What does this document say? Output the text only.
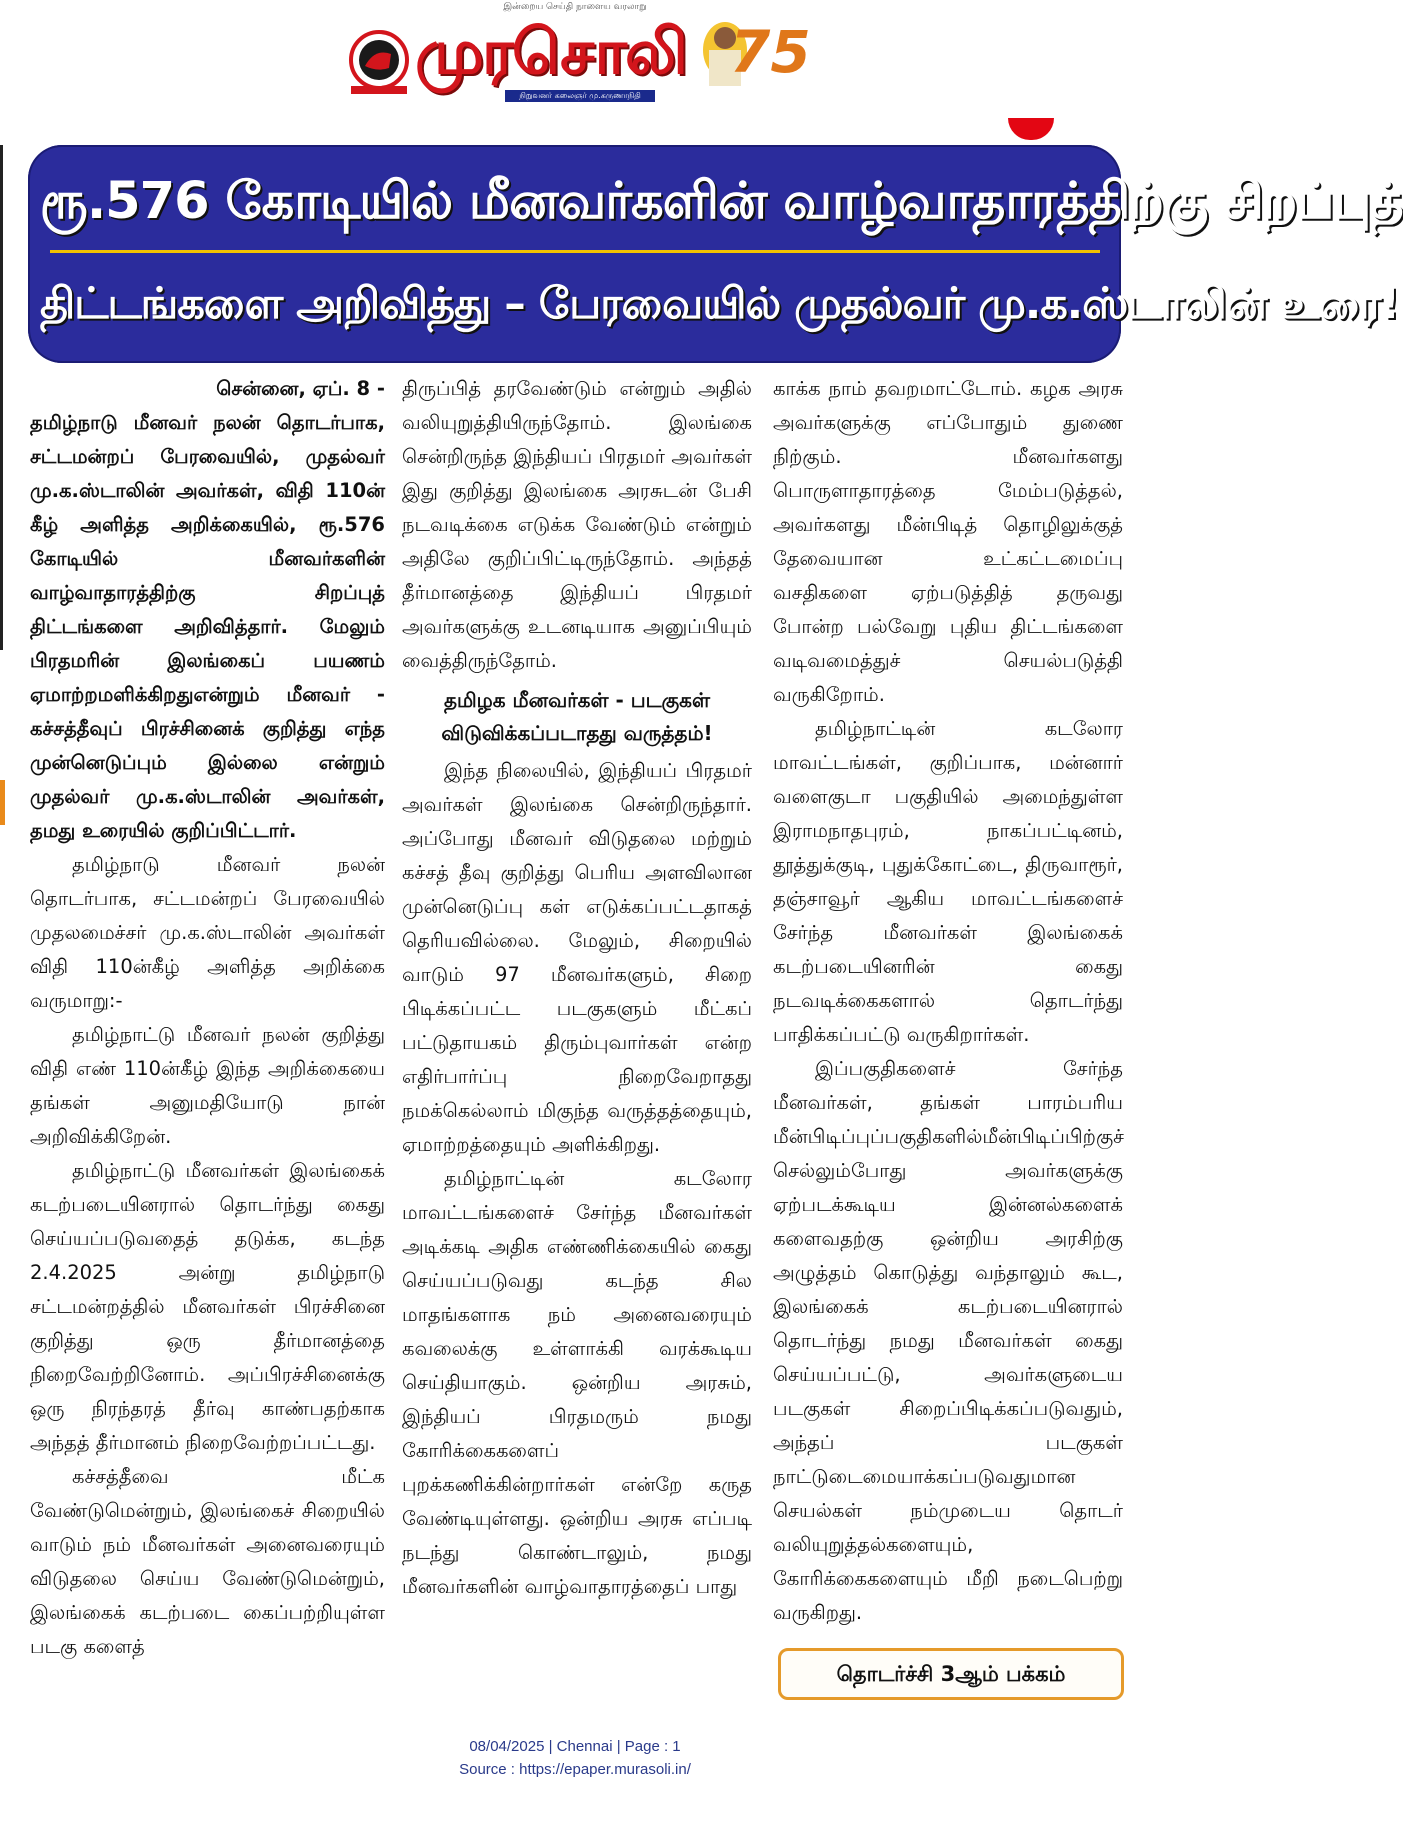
இன்றைய செய்தி நாளைய வரலாறு
முரசொலி
நிறுவனர் கலைஞர் மு.கருணாநிதி
75
ரூ.576 கோடியில் மீனவர்களின் வாழ்வாதாரத்திற்கு சிறப்புத்
திட்டங்களை அறிவித்து – பேரவையில் முதல்வர் மு.க.ஸ்டாலின் உரை!

சென்னை, ஏப். 8 -

தமிழ்நாடு மீனவர் நலன் தொடர்பாக, சட்டமன்றப் பேரவையில், முதல்வர் மு.க.ஸ்டாலின் அவர்கள், விதி 110ன் கீழ் அளித்த அறிக்கையில், ரூ.576 கோடியில் மீனவர்களின் வாழ்வாதாரத்திற்கு சிறப்புத் திட்டங்களை அறிவித்தார். மேலும் பிரதமரின் இலங்கைப் பயணம் ஏமாற்றமளிக்கிறதுஎன்றும் மீனவர் - கச்சத்தீவுப் பிரச்சினைக் குறித்து எந்த முன்னெடுப்பும் இல்லை என்றும் முதல்வர் மு.க.ஸ்டாலின் அவர்கள், தமது உரையில் குறிப்பிட்டார்.

தமிழ்நாடு மீனவர் நலன் தொடர்பாக, சட்டமன்றப் பேரவையில் முதலமைச்சர் மு.க.ஸ்டாலின் அவர்கள் விதி 110ன்கீழ் அளித்த அறிக்கை வருமாறு:-

தமிழ்நாட்டு மீனவர் நலன் குறித்து விதி எண் 110ன்கீழ் இந்த அறிக்கையை தங்கள் அனுமதியோடு நான் அறிவிக்கிறேன்.

தமிழ்நாட்டு மீனவர்கள் இலங்கைக் கடற்படையினரால் தொடர்ந்து கைது செய்யப்படுவதைத் தடுக்க, கடந்த 2.4.2025 அன்று தமிழ்நாடு சட்டமன்றத்தில் மீனவர்கள் பிரச்சினை குறித்து ஒரு தீர்மானத்தை நிறைவேற்றினோம். அப்பிரச்சினைக்கு ஒரு நிரந்தரத் தீர்வு காண்பதற்காக அந்தத் தீர்மானம் நிறைவேற்றப்பட்டது.

கச்சத்தீவை மீட்க வேண்டுமென்றும், இலங்கைச் சிறையில் வாடும் நம் மீனவர்கள் அனைவரையும் விடுதலை செய்ய வேண்டுமென்றும், இலங்கைக் கடற்படை கைப்பற்றியுள்ள படகு களைத்

திருப்பித் தரவேண்டும் என்றும் அதில் வலியுறுத்தியிருந்தோம். இலங்கை சென்றிருந்த இந்தியப் பிரதமர் அவர்கள் இது குறித்து இலங்கை அரசுடன் பேசி நடவடிக்கை எடுக்க வேண்டும் என்றும் அதிலே குறிப்பிட்டிருந்தோம். அந்தத் தீர்மானத்தை இந்தியப் பிரதமர் அவர்களுக்கு உடனடியாக அனுப்பியும் வைத்திருந்தோம்.

தமிழக மீனவர்கள் - படகுகள் விடுவிக்கப்படாதது வருத்தம்!

இந்த நிலையில், இந்தியப் பிரதமர் அவர்கள் இலங்கை சென்றிருந்தார். அப்போது மீனவர் விடுதலை மற்றும் கச்சத் தீவு குறித்து பெரிய அளவிலான முன்னெடுப்பு கள் எடுக்கப்பட்டதாகத் தெரியவில்லை. மேலும், சிறையில் வாடும் 97 மீனவர்களும், சிறை பிடிக்கப்பட்ட படகுகளும் மீட்கப் பட்டுதாயகம் திரும்புவார்கள் என்ற எதிர்பார்ப்பு நிறைவேறாதது நமக்கெல்லாம் மிகுந்த வருத்தத்தையும், ஏமாற்றத்தையும் அளிக்கிறது.

தமிழ்நாட்டின் கடலோர மாவட்டங்களைச் சேர்ந்த மீனவர்கள் அடிக்கடி அதிக எண்ணிக்கையில் கைது செய்யப்படுவது கடந்த சில மாதங்களாக நம் அனைவரையும் கவலைக்கு உள்ளாக்கி வரக்கூடிய செய்தியாகும். ஒன்றிய அரசும், இந்தியப் பிரதமரும் நமது கோரிக்கைகளைப் புறக்கணிக்கின்றார்கள் என்றே கருத வேண்டியுள்ளது. ஒன்றிய அரசு எப்படி நடந்து கொண்டாலும், நமது மீனவர்களின் வாழ்வாதாரத்தைப் பாது

காக்க நாம் தவறமாட்டோம். கழக அரசு அவர்களுக்கு எப்போதும் துணை நிற்கும். மீனவர்களது பொருளாதாரத்தை மேம்படுத்தல், அவர்களது மீன்பிடித் தொழிலுக்குத் தேவையான உட்கட்டமைப்பு வசதிகளை ஏற்படுத்தித் தருவது போன்ற பல்வேறு புதிய திட்டங்களை வடிவமைத்துச் செயல்படுத்தி வருகிறோம்.

தமிழ்நாட்டின் கடலோர மாவட்டங்கள், குறிப்பாக, மன்னார் வளைகுடா பகுதியில் அமைந்துள்ள இராமநாதபுரம், நாகப்பட்டினம், தூத்துக்குடி, புதுக்கோட்டை, திருவாரூர், தஞ்சாவூர் ஆகிய மாவட்டங்களைச் சேர்ந்த மீனவர்கள் இலங்கைக் கடற்படையினரின் கைது நடவடிக்கைகளால் தொடர்ந்து பாதிக்கப்பட்டு வருகிறார்கள்.

இப்பகுதிகளைச் சேர்ந்த மீனவர்கள், தங்கள் பாரம்பரிய மீன்பிடிப்புப்பகுதிகளில்மீன்பிடிப்பிற்குச் செல்லும்போது அவர்களுக்கு ஏற்படக்கூடிய இன்னல்களைக் களைவதற்கு ஒன்றிய அரசிற்கு அழுத்தம் கொடுத்து வந்தாலும் கூட, இலங்கைக் கடற்படையினரால் தொடர்ந்து நமது மீனவர்கள் கைது செய்யப்பட்டு, அவர்களுடைய படகுகள் சிறைப்பிடிக்கப்படுவதும், அந்தப் படகுகள் நாட்டுடைமையாக்கப்படுவதுமான செயல்கள் நம்முடைய தொடர் வலியுறுத்தல்களையும், கோரிக்கைகளையும் மீறி நடைபெற்று வருகிறது.

தொடர்ச்சி 3ஆம் பக்கம்
08/04/2025 | Chennai | Page : 1
Source : https://epaper.murasoli.in/
